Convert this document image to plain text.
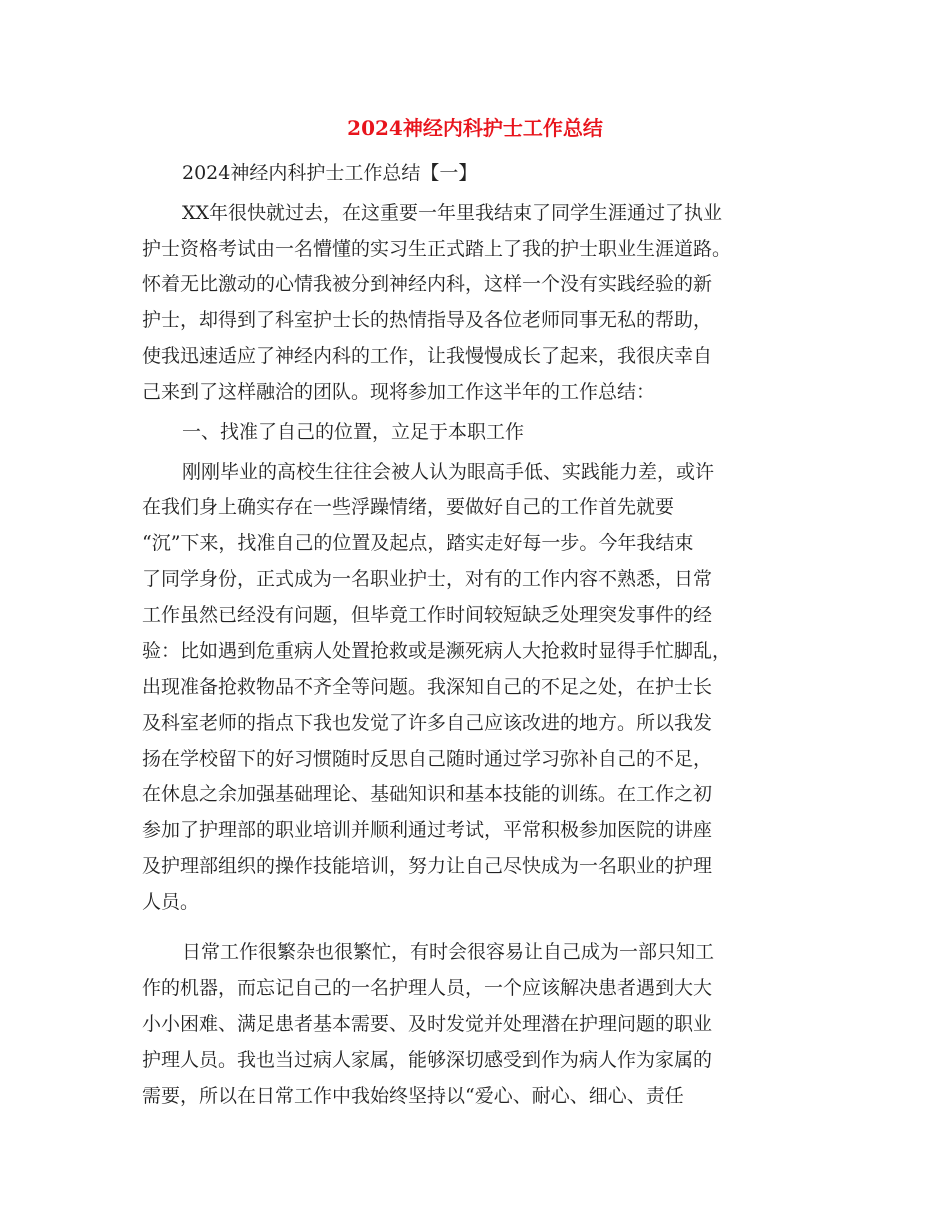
2024神经内科护士工作总结
2024神经内科护士工作总结【一】
XX年很快就过去，在这重要一年里我结束了同学生涯通过了执业
护士资格考试由一名懵懂的实习生正式踏上了我的护士职业生涯道路。
怀着无比激动的心情我被分到神经内科，这样一个没有实践经验的新
护士，却得到了科室护士长的热情指导及各位老师同事无私的帮助，
使我迅速适应了神经内科的工作，让我慢慢成长了起来，我很庆幸自
己来到了这样融洽的团队。现将参加工作这半年的工作总结：
一、找准了自己的位置，立足于本职工作
刚刚毕业的高校生往往会被人认为眼高手低、实践能力差，或许
在我们身上确实存在一些浮躁情绪，要做好自己的工作首先就要
“沉”下来，找准自己的位置及起点，踏实走好每一步。今年我结束
了同学身份，正式成为一名职业护士，对有的工作内容不熟悉，日常
工作虽然已经没有问题，但毕竟工作时间较短缺乏处理突发事件的经
验：比如遇到危重病人处置抢救或是濒死病人大抢救时显得手忙脚乱，
出现准备抢救物品不齐全等问题。我深知自己的不足之处，在护士长
及科室老师的指点下我也发觉了许多自己应该改进的地方。所以我发
扬在学校留下的好习惯随时反思自己随时通过学习弥补自己的不足，
在休息之余加强基础理论、基础知识和基本技能的训练。在工作之初
参加了护理部的职业培训并顺利通过考试，平常积极参加医院的讲座
及护理部组织的操作技能培训，努力让自己尽快成为一名职业的护理
人员。
日常工作很繁杂也很繁忙，有时会很容易让自己成为一部只知工
作的机器，而忘记自己的一名护理人员，一个应该解决患者遇到大大
小小困难、满足患者基本需要、及时发觉并处理潜在护理问题的职业
护理人员。我也当过病人家属，能够深切感受到作为病人作为家属的
需要，所以在日常工作中我始终坚持以“爱心、耐心、细心、责任
